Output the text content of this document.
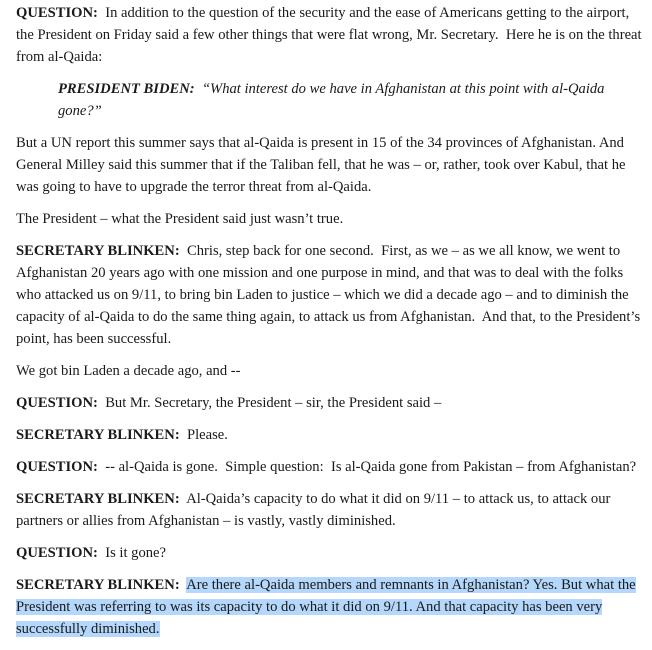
QUESTION:  In addition to the question of the security and the ease of Americans getting to the airport, the President on Friday said a few other things that were flat wrong, Mr. Secretary.  Here he is on the threat from al-Qaida:

PRESIDENT BIDEN:  “What interest do we have in Afghanistan at this point with al-Qaida gone?”

But a UN report this summer says that al-Qaida is present in 15 of the 34 provinces of Afghanistan. And General Milley said this summer that if the Taliban fell, that he was – or, rather, took over Kabul, that he was going to have to upgrade the terror threat from al-Qaida.

The President – what the President said just wasn’t true.

SECRETARY BLINKEN:  Chris, step back for one second.  First, as we – as we all know, we went to Afghanistan 20 years ago with one mission and one purpose in mind, and that was to deal with the folks who attacked us on 9/11, to bring bin Laden to justice – which we did a decade ago – and to diminish the capacity of al-Qaida to do the same thing again, to attack us from Afghanistan.  And that, to the President’s point, has been successful.

We got bin Laden a decade ago, and --

QUESTION:  But Mr. Secretary, the President – sir, the President said –

SECRETARY BLINKEN:  Please.

QUESTION:  -- al-Qaida is gone.  Simple question:  Is al-Qaida gone from Pakistan – from Afghanistan?

SECRETARY BLINKEN:  Al-Qaida’s capacity to do what it did on 9/11 – to attack us, to attack our partners or allies from Afghanistan – is vastly, vastly diminished.

QUESTION:  Is it gone?

SECRETARY BLINKEN: Are there al-Qaida members and remnants in Afghanistan? Yes. But what the President was referring to was its capacity to do what it did on 9/11. And that capacity has been very successfully diminished.
